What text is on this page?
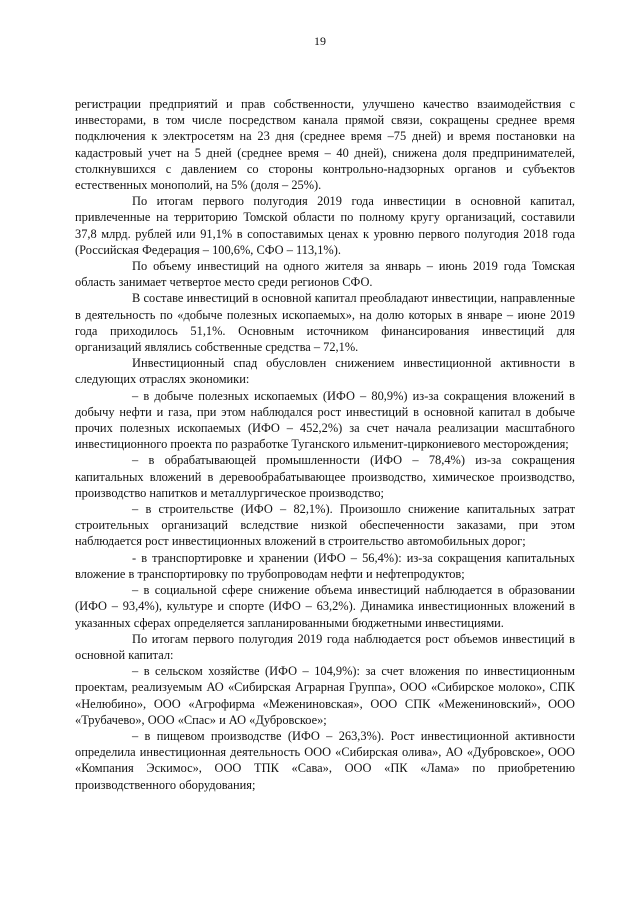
19

регистрации предприятий и прав собственности, улучшено качество взаимодействия с инвесторами, в том числе посредством канала прямой связи, сокращены среднее время подключения к электросетям на 23 дня (среднее время –75 дней) и время постановки на кадастровый учет на 5 дней (среднее время – 40 дней), снижена доля предпринимателей, столкнувшихся с давлением со стороны контрольно-надзорных органов и субъектов естественных монополий, на 5% (доля – 25%).

По итогам первого полугодия 2019 года инвестиции в основной капитал, привлеченные на территорию Томской области по полному кругу организаций, составили 37,8 млрд. рублей или 91,1% в сопоставимых ценах к уровню первого полугодия 2018 года (Российская Федерация – 100,6%, СФО – 113,1%).

По объему инвестиций на одного жителя за январь – июнь 2019 года Томская область занимает четвертое место среди регионов СФО.

В составе инвестиций в основной капитал преобладают инвестиции, направленные в деятельность по «добыче полезных ископаемых», на долю которых в январе – июне 2019 года приходилось 51,1%. Основным источником финансирования инвестиций для организаций являлись собственные средства – 72,1%.

Инвестиционный спад обусловлен снижением инвестиционной активности в следующих отраслях экономики:

– в добыче полезных ископаемых (ИФО – 80,9%) из-за сокращения вложений в добычу нефти и газа, при этом наблюдался рост инвестиций в основной капитал в добыче прочих полезных ископаемых (ИФО – 452,2%) за счет начала реализации масштабного инвестиционного проекта по разработке Туганского ильменит-циркониевого месторождения;

– в обрабатывающей промышленности (ИФО – 78,4%) из-за сокращения капитальных вложений в деревообрабатывающее производство, химическое производство, производство напитков и металлургическое производство;

– в строительстве (ИФО – 82,1%). Произошло снижение капитальных затрат строительных организаций вследствие низкой обеспеченности заказами, при этом наблюдается рост инвестиционных вложений в строительство автомобильных дорог;

- в транспортировке и хранении (ИФО – 56,4%): из-за сокращения капитальных вложение в транспортировку по трубопроводам нефти и нефтепродуктов;

– в социальной сфере снижение объема инвестиций наблюдается в образовании (ИФО – 93,4%), культуре и спорте (ИФО – 63,2%). Динамика инвестиционных вложений в указанных сферах определяется запланированными бюджетными инвестициями.

По итогам первого полугодия 2019 года наблюдается рост объемов инвестиций в основной капитал:

– в сельском хозяйстве (ИФО – 104,9%): за счет вложения по инвестиционным проектам, реализуемым АО «Сибирская Аграрная Группа», ООО «Сибирское молоко», СПК «Нелюбино», ООО «Агрофирма «Межениновская», ООО СПК «Межениновский», ООО «Трубачево», ООО «Спас» и АО «Дубровское»;

– в пищевом производстве (ИФО – 263,3%). Рост инвестиционной активности определила инвестиционная деятельность ООО «Сибирская олива», АО «Дубровское», ООО «Компания Эскимос», ООО ТПК «Сава», ООО «ПК «Лама» по приобретению производственного оборудования;
